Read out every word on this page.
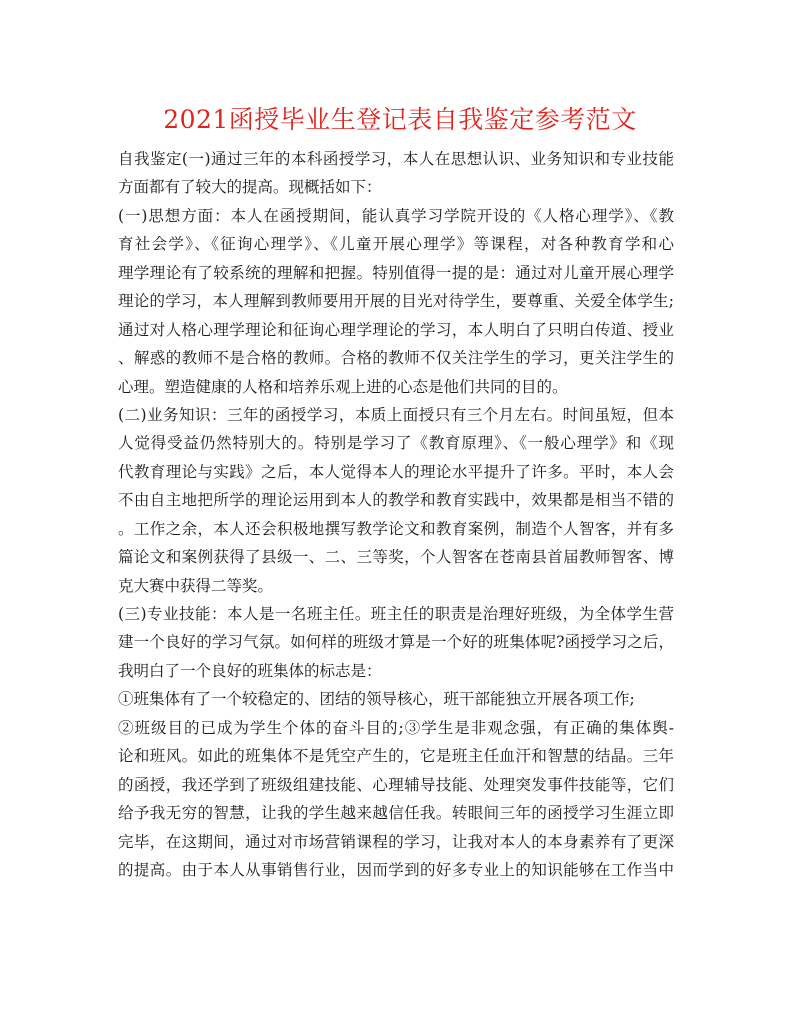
2021函授毕业生登记表自我鉴定参考范文
自我鉴定(一)通过三年的本科函授学习，本人在思想认识、业务知识和专业技能
方面都有了较大的提高。现概括如下：
(一)思想方面：本人在函授期间，能认真学习学院开设的《人格心理学》、《教
育社会学》、《征询心理学》、《儿童开展心理学》等课程，对各种教育学和心
理学理论有了较系统的理解和把握。特别值得一提的是：通过对儿童开展心理学
理论的学习，本人理解到教师要用开展的目光对待学生，要尊重、关爱全体学生;
通过对人格心理学理论和征询心理学理论的学习，本人明白了只明白传道、授业
、解惑的教师不是合格的教师。合格的教师不仅关注学生的学习，更关注学生的
心理。塑造健康的人格和培养乐观上进的心态是他们共同的目的。
(二)业务知识：三年的函授学习，本质上面授只有三个月左右。时间虽短，但本
人觉得受益仍然特别大的。特别是学习了《教育原理》、《一般心理学》和《现
代教育理论与实践》之后，本人觉得本人的理论水平提升了许多。平时，本人会
不由自主地把所学的理论运用到本人的教学和教育实践中，效果都是相当不错的
。工作之余，本人还会积极地撰写教学论文和教育案例，制造个人智客，并有多
篇论文和案例获得了县级一、二、三等奖，个人智客在苍南县首届教师智客、博
克大赛中获得二等奖。
(三)专业技能：本人是一名班主任。班主任的职责是治理好班级，为全体学生营
建一个良好的学习气氛。如何样的班级才算是一个好的班集体呢?函授学习之后，
我明白了一个良好的班集体的标志是：
①班集体有了一个较稳定的、团结的领导核心，班干部能独立开展各项工作;
②班级目的已成为学生个体的奋斗目的;③学生是非观念强，有正确的集体舆-
论和班风。如此的班集体不是凭空产生的，它是班主任血汗和智慧的结晶。三年
的函授，我还学到了班级组建技能、心理辅导技能、处理突发事件技能等，它们
给予我无穷的智慧，让我的学生越来越信任我。转眼间三年的函授学习生涯立即
完毕，在这期间，通过对市场营销课程的学习，让我对本人的本身素养有了更深
的提高。由于本人从事销售行业，因而学到的好多专业上的知识能够在工作当中
